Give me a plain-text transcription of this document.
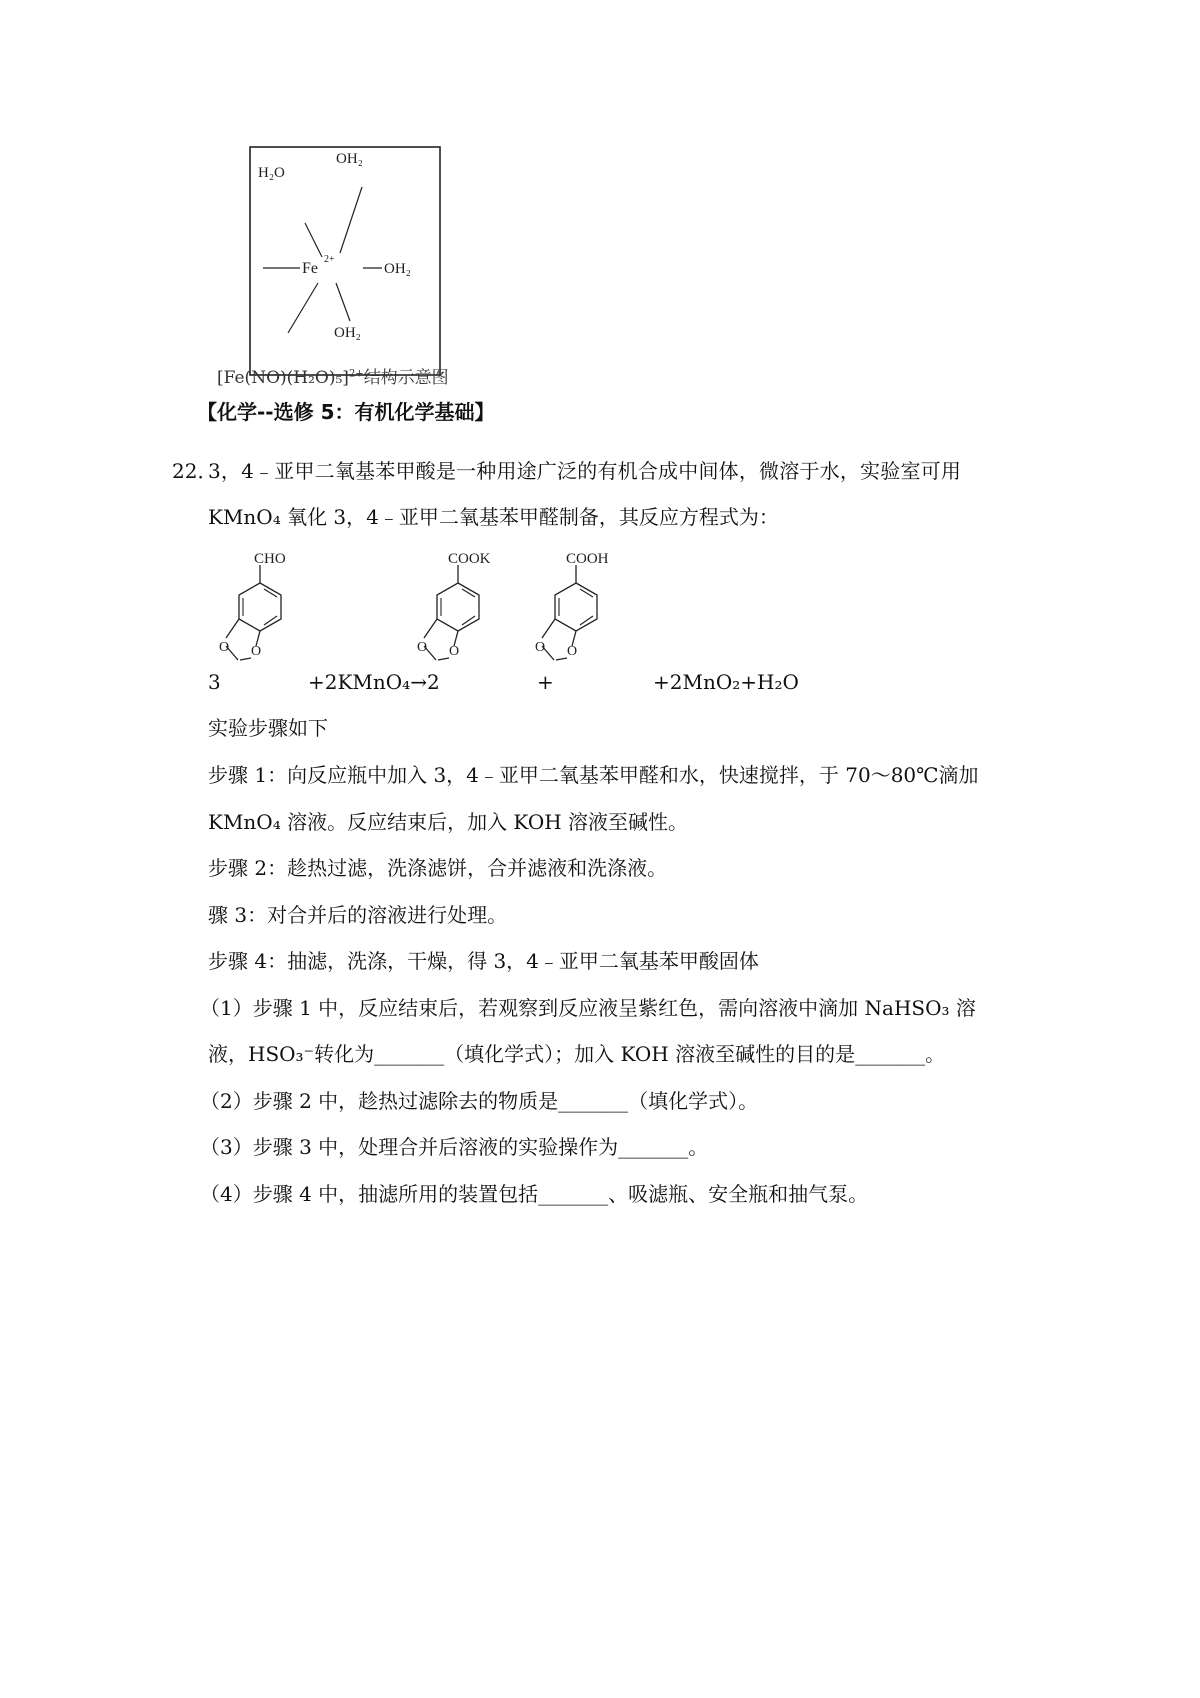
H₂O
OH₂
Fe
2+
OH₂
OH₂
$[Fe(NO)(H_2O)_5]^{2+}$结构示意图
【化学--选修 5：有机化学基础】
22．
3，4﹣亚甲二氧基苯甲酸是一种用途广泛的有机合成中间体，微溶于水，实验室可用
KMnO₄ 氧化 3，4﹣亚甲二氧基苯甲醛制备，其反应方程式为：
CHO
O O
COOK
O O
COOH
O O
3	+2KMnO₄→2	+	+2MnO₂+H₂O
实验步骤如下
步骤 1：向反应瓶中加入 3，4﹣亚甲二氧基苯甲醛和水，快速搅拌，于 70～80℃滴加
KMnO₄ 溶液。反应结束后，加入 KOH 溶液至碱性。
步骤 2：趁热过滤，洗涤滤饼，合并滤液和洗涤液。
骤 3：对合并后的溶液进行处理。
步骤 4：抽滤，洗涤，干燥，得 3，4﹣亚甲二氧基苯甲酸固体
（1）步骤 1 中，反应结束后，若观察到反应液呈紫红色，需向溶液中滴加 NaHSO₃ 溶
液，HSO₃⁻转化为_______（填化学式）；加入 KOH 溶液至碱性的目的是_______。
（2）步骤 2 中，趁热过滤除去的物质是_______（填化学式）。
（3）步骤 3 中，处理合并后溶液的实验操作为_______。
（4）步骤 4 中，抽滤所用的装置包括_______、吸滤瓶、安全瓶和抽气泵。
